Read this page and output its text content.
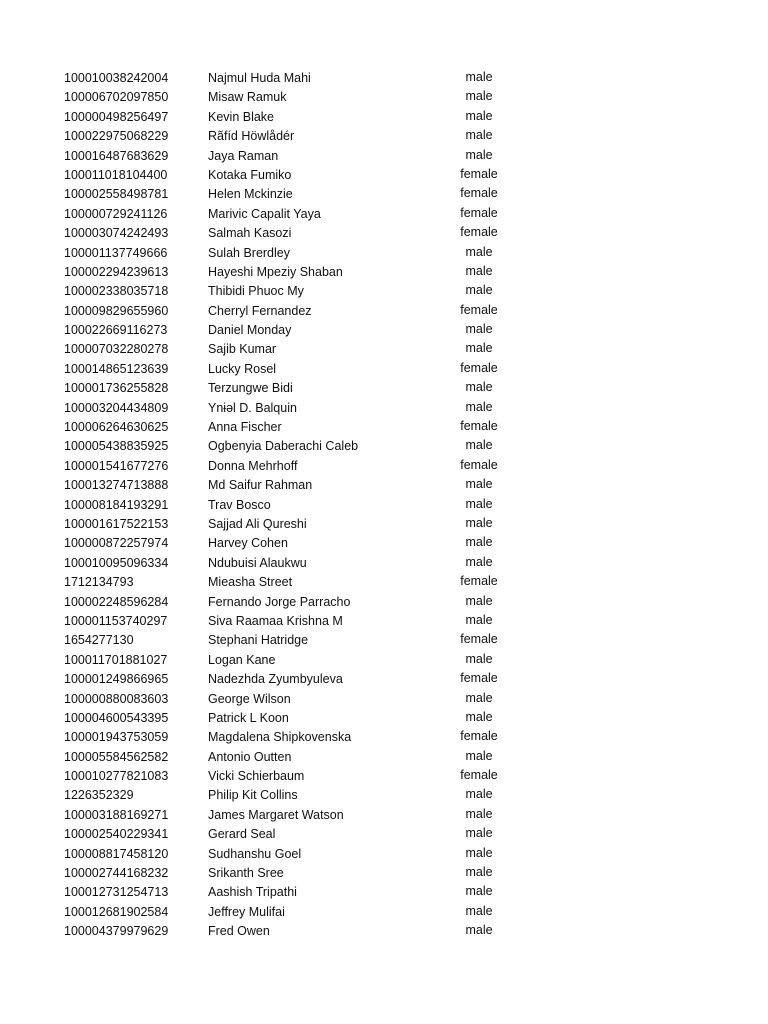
100010038242004	Najmul Huda Mahi	male
100006702097850	Misaw Ramuk	male
100000498256497	Kevin Blake	male
100022975068229	Rãfíd Höwlådér	male
100016487683629	Jaya Raman	male
100011018104400	Kotaka Fumiko	female
100002558498781	Helen Mckinzie	female
100000729241126	Marivic Capalit Yaya	female
100003074242493	Salmah Kasozi	female
100001137749666	Sulah Brerdley	male
100002294239613	Hayeshi Mpeziy Shaban	male
100002338035718	Thibidi Phuoc My	male
100009829655960	Cherryl Fernandez	female
100022669116273	Daniel Monday	male
100007032280278	Sajib Kumar	male
100014865123639	Lucky Rosel	female
100001736255828	Terzungwe Bidi	male
100003204434809	Ynɨəl D. Balquin	male
100006264630625	Anna Fischer	female
100005438835925	Ogbenyia Daberachi Caleb	male
100001541677276	Donna Mehrhoff	female
100013274713888	Md Saifur Rahman	male
100008184193291	Trav Bosco	male
100001617522153	Sajjad Ali Qureshi	male
100000872257974	Harvey Cohen	male
100010095096334	Ndubuisi Alaukwu	male
1712134793	Mieasha Street	female
100002248596284	Fernando Jorge Parracho	male
100001153740297	Siva Raamaa Krishna M	male
1654277130	Stephani Hatridge	female
100011701881027	Logan Kane	male
100001249866965	Nadezhda Zyumbyuleva	female
100000880083603	George Wilson	male
100004600543395	Patrick L Koon	male
100001943753059	Magdalena Shipkovenska	female
100005584562582	Antonio Outten	male
100010277821083	Vicki Schierbaum	female
1226352329	Philip Kit Collins	male
100003188169271	James Margaret Watson	male
100002540229341	Gerard Seal	male
100008817458120	Sudhanshu Goel	male
100002744168232	Srikanth Sree	male
100012731254713	Aashish Tripathi	male
100012681902584	Jeffrey Mulifai	male
100004379979629	Fred Owen	male
